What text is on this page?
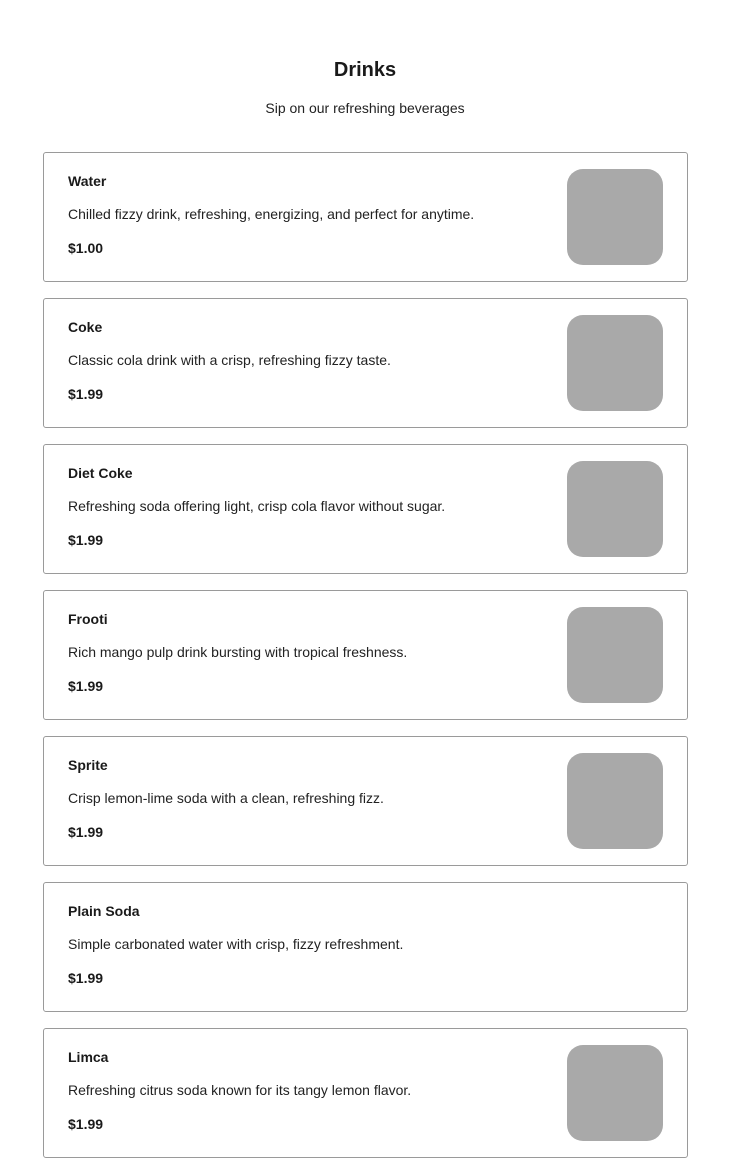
Drinks

Sip on our refreshing beverages

Water

Chilled fizzy drink, refreshing, energizing, and perfect for anytime.

$1.00

Coke

Classic cola drink with a crisp, refreshing fizzy taste.

$1.99

Diet Coke

Refreshing soda offering light, crisp cola flavor without sugar.

$1.99

Frooti

Rich mango pulp drink bursting with tropical freshness.

$1.99

Sprite

Crisp lemon-lime soda with a clean, refreshing fizz.

$1.99

Plain Soda

Simple carbonated water with crisp, fizzy refreshment.

$1.99

Limca

Refreshing citrus soda known for its tangy lemon flavor.

$1.99
